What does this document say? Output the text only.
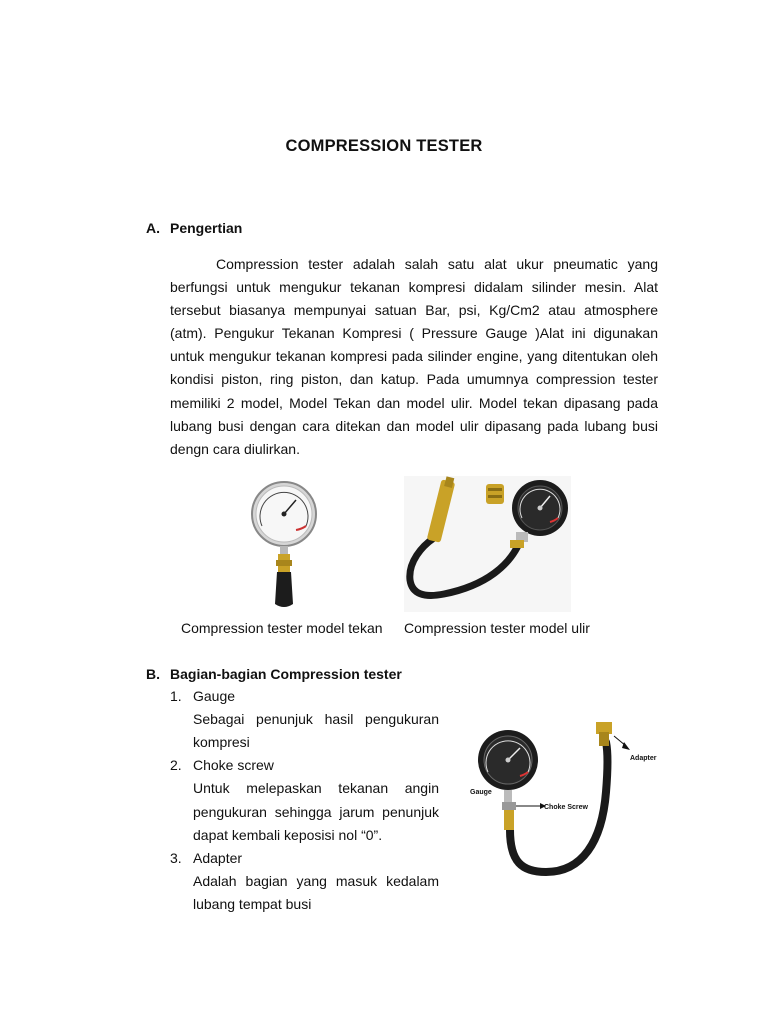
COMPRESSION TESTER
A. Pengertian
Compression tester adalah salah satu alat ukur pneumatic yang berfungsi untuk mengukur tekanan kompresi didalam silinder mesin. Alat tersebut biasanya mempunyai satuan Bar, psi, Kg/Cm2 atau atmosphere (atm). Pengukur Tekanan Kompresi ( Pressure Gauge )Alat ini digunakan untuk mengukur tekanan kompresi pada silinder engine, yang ditentukan oleh kondisi piston, ring piston, dan katup. Pada umumnya compression tester memiliki 2 model, Model Tekan dan model ulir. Model tekan dipasang pada lubang busi dengan cara ditekan dan model ulir dipasang pada lubang busi dengn cara diulirkan.
Compression tester model tekan Compression tester model ulir
B. Bagian-bagian Compression tester
1. Gauge
Sebagai penunjuk hasil pengukuran kompresi
2. Choke screw
Untuk melepaskan tekanan angin pengukuran sehingga jarum penunjuk dapat kembali keposisi nol “0”.
3. Adapter
Adalah bagian yang masuk kedalam lubang tempat busi
Choke Screw
Adapter
Gauge
